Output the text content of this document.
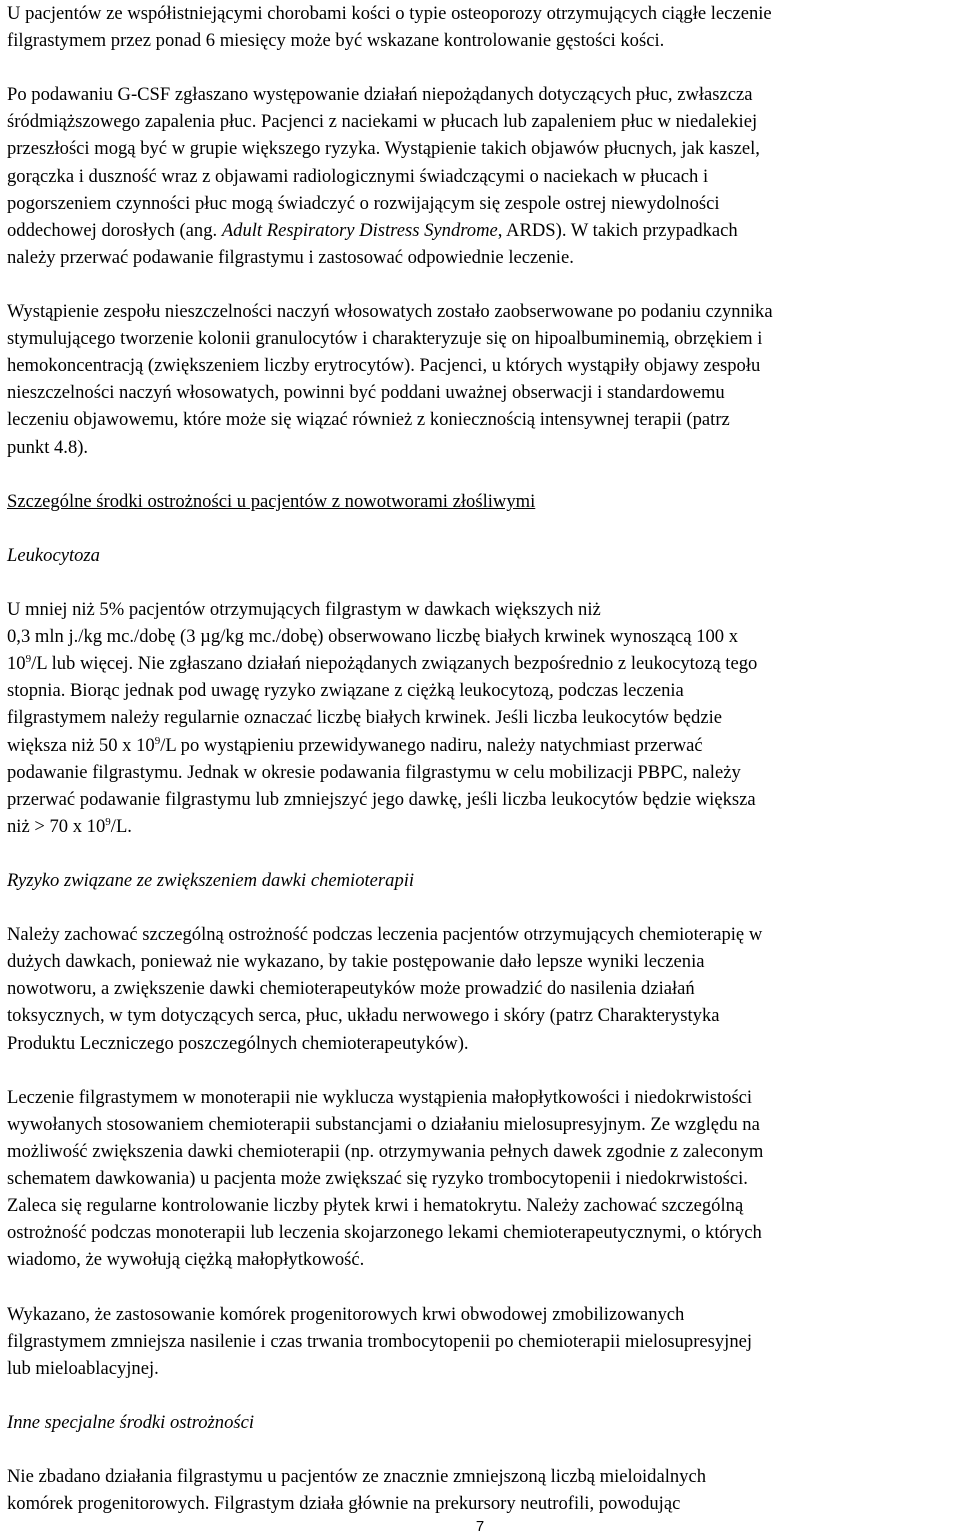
U pacjentów ze współistniejącymi chorobami kości o typie osteoporozy otrzymujących ciągłe leczenie
filgrastymem przez ponad 6 miesięcy może być wskazane kontrolowanie gęstości kości.

Po podawaniu G-CSF zgłaszano występowanie działań niepożądanych dotyczących płuc, zwłaszcza
śródmiąższowego zapalenia płuc. Pacjenci z naciekami w płucach lub zapaleniem płuc w niedalekiej
przeszłości mogą być w grupie większego ryzyka. Wystąpienie takich objawów płucnych, jak kaszel,
gorączka i duszność wraz z objawami radiologicznymi świadczącymi o naciekach w płucach i
pogorszeniem czynności płuc mogą świadczyć o rozwijającym się zespole ostrej niewydolności
oddechowej dorosłych (ang. Adult Respiratory Distress Syndrome, ARDS). W takich przypadkach
należy przerwać podawanie filgrastymu i zastosować odpowiednie leczenie.

Wystąpienie zespołu nieszczelności naczyń włosowatych zostało zaobserwowane po podaniu czynnika
stymulującego tworzenie kolonii granulocytów i charakteryzuje się on hipoalbuminemią, obrzękiem i
hemokoncentracją (zwiększeniem liczby erytrocytów). Pacjenci, u których wystąpiły objawy zespołu
nieszczelności naczyń włosowatych, powinni być poddani uważnej obserwacji i standardowemu
leczeniu objawowemu, które może się wiązać również z koniecznością intensywnej terapii (patrz
punkt 4.8).

Szczególne środki ostrożności u pacjentów z nowotworami złośliwymi

Leukocytoza

U mniej niż 5% pacjentów otrzymujących filgrastym w dawkach większych niż
0,3 mln j./kg mc./dobę (3 µg/kg mc./dobę) obserwowano liczbę białych krwinek wynoszącą 100 x
$10^9/L$ lub więcej. Nie zgłaszano działań niepożądanych związanych bezpośrednio z leukocytozą tego
stopnia. Biorąc jednak pod uwagę ryzyko związane z ciężką leukocytozą, podczas leczenia
filgrastymem należy regularnie oznaczać liczbę białych krwinek. Jeśli liczba leukocytów będzie
większa niż 50 x $10^9/L$ po wystąpieniu przewidywanego nadiru, należy natychmiast przerwać
podawanie filgrastymu. Jednak w okresie podawania filgrastymu w celu mobilizacji PBPC, należy
przerwać podawanie filgrastymu lub zmniejszyć jego dawkę, jeśli liczba leukocytów będzie większa
niż > 70 x $10^9/L$.

Ryzyko związane ze zwiększeniem dawki chemioterapii

Należy zachować szczególną ostrożność podczas leczenia pacjentów otrzymujących chemioterapię w
dużych dawkach, ponieważ nie wykazano, by takie postępowanie dało lepsze wyniki leczenia
nowotworu, a zwiększenie dawki chemioterapeutyków może prowadzić do nasilenia działań
toksycznych, w tym dotyczących serca, płuc, układu nerwowego i skóry (patrz Charakterystyka
Produktu Leczniczego poszczególnych chemioterapeutyków).

Leczenie filgrastymem w monoterapii nie wyklucza wystąpienia małopłytkowości i niedokrwistości
wywołanych stosowaniem chemioterapii substancjami o działaniu mielosupresyjnym. Ze względu na
możliwość zwiększenia dawki chemioterapii (np. otrzymywania pełnych dawek zgodnie z zaleconym
schematem dawkowania) u pacjenta może zwiększać się ryzyko trombocytopenii i niedokrwistości.
Zaleca się regularne kontrolowanie liczby płytek krwi i hematokrytu. Należy zachować szczególną
ostrożność podczas monoterapii lub leczenia skojarzonego lekami chemioterapeutycznymi, o których
wiadomo, że wywołują ciężką małopłytkowość.

Wykazano, że zastosowanie komórek progenitorowych krwi obwodowej zmobilizowanych
filgrastymem zmniejsza nasilenie i czas trwania trombocytopenii po chemioterapii mielosupresyjnej
lub mieloablacyjnej.

Inne specjalne środki ostrożności

Nie zbadano działania filgrastymu u pacjentów ze znacznie zmniejszoną liczbą mieloidalnych
komórek progenitorowych. Filgrastym działa głównie na prekursory neutrofili, powodując

7
